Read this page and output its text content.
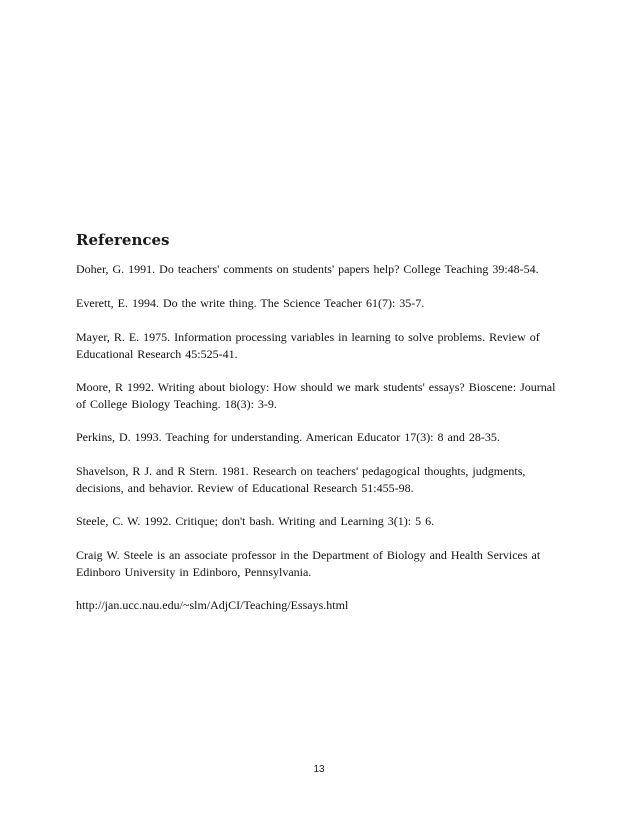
References

Doher, G. 1991. Do teachers' comments on students' papers help? College Teaching 39:48-54.

Everett, E. 1994. Do the write thing. The Science Teacher 61(7): 35-7.

Mayer, R. E. 1975. Information processing variables in learning to solve problems. Review of Educational Research 45:525-41.

Moore, R 1992. Writing about biology: How should we mark students' essays? Bioscene: Journal of College Biology Teaching. 18(3): 3-9.

Perkins, D. 1993. Teaching for understanding. American Educator 17(3): 8 and 28-35.

Shavelson, R J. and R Stern. 1981. Research on teachers' pedagogical thoughts, judgments, decisions, and behavior. Review of Educational Research 51:455-98.

Steele, C. W. 1992. Critique; don't bash. Writing and Learning 3(1): 5 6.

Craig W. Steele is an associate professor in the Department of Biology and Health Services at Edinboro University in Edinboro, Pennsylvania.

http://jan.ucc.nau.edu/~slm/AdjCI/Teaching/Essays.html

13
